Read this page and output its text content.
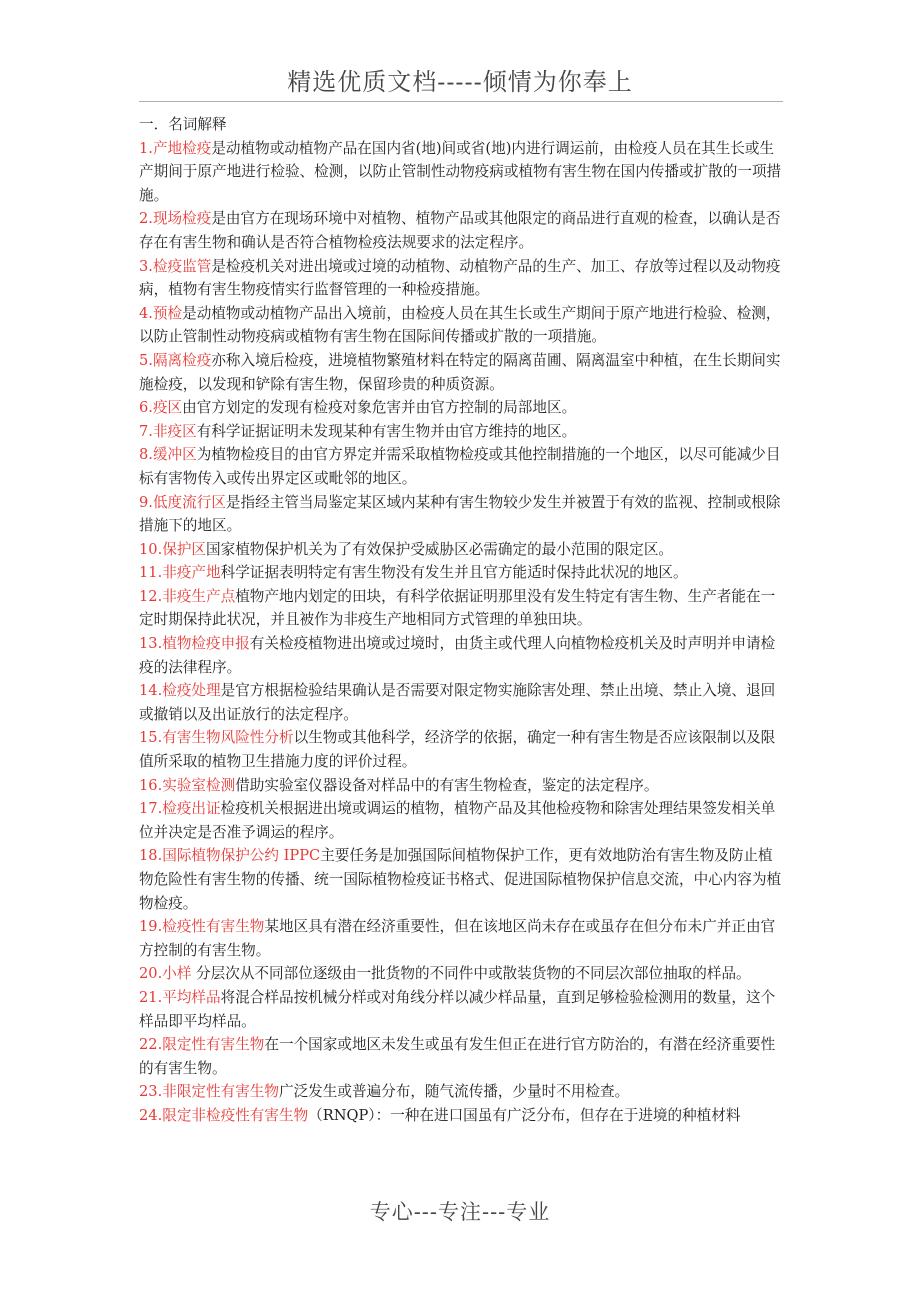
精选优质文档-----倾情为你奉上

一．名词解释

1.产地检疫是动植物或动植物产品在国内省(地)间或省(地)内进行调运前，由检疫人员在其生长或生产期间于原产地进行检验、检测，以防止管制性动物疫病或植物有害生物在国内传播或扩散的一项措施。

2.现场检疫是由官方在现场环境中对植物、植物产品或其他限定的商品进行直观的检查，以确认是否存在有害生物和确认是否符合植物检疫法规要求的法定程序。

3.检疫监管是检疫机关对进出境或过境的动植物、动植物产品的生产、加工、存放等过程以及动物疫病，植物有害生物疫情实行监督管理的一种检疫措施。

4.预检是动植物或动植物产品出入境前，由检疫人员在其生长或生产期间于原产地进行检验、检测，以防止管制性动物疫病或植物有害生物在国际间传播或扩散的一项措施。

5.隔离检疫亦称入境后检疫，进境植物繁殖材料在特定的隔离苗圃、隔离温室中种植，在生长期间实施检疫，以发现和铲除有害生物，保留珍贵的种质资源。

6.疫区由官方划定的发现有检疫对象危害并由官方控制的局部地区。

7.非疫区有科学证据证明未发现某种有害生物并由官方维持的地区。

8.缓冲区为植物检疫目的由官方界定并需采取植物检疫或其他控制措施的一个地区，以尽可能减少目标有害物传入或传出界定区或毗邻的地区。

9.低度流行区是指经主管当局鉴定某区域内某种有害生物较少发生并被置于有效的监视、控制或根除措施下的地区。

10.保护区国家植物保护机关为了有效保护受威胁区必需确定的最小范围的限定区。

11.非疫产地科学证据表明特定有害生物没有发生并且官方能适时保持此状况的地区。

12.非疫生产点植物产地内划定的田块，有科学依据证明那里没有发生特定有害生物、生产者能在一定时期保持此状况，并且被作为非疫生产地相同方式管理的单独田块。

13.植物检疫申报有关检疫植物进出境或过境时，由货主或代理人向植物检疫机关及时声明并申请检疫的法律程序。

14.检疫处理是官方根据检验结果确认是否需要对限定物实施除害处理、禁止出境、禁止入境、退回或撤销以及出证放行的法定程序。

15.有害生物风险性分析以生物或其他科学，经济学的依据，确定一种有害生物是否应该限制以及限值所采取的植物卫生措施力度的评价过程。

16.实验室检测借助实验室仪器设备对样品中的有害生物检查，鉴定的法定程序。

17.检疫出证检疫机关根据进出境或调运的植物，植物产品及其他检疫物和除害处理结果签发相关单位并决定是否准予调运的程序。

18.国际植物保护公约 IPPC主要任务是加强国际间植物保护工作，更有效地防治有害生物及防止植物危险性有害生物的传播、统一国际植物检疫证书格式、促进国际植物保护信息交流，中心内容为植物检疫。

19.检疫性有害生物某地区具有潜在经济重要性，但在该地区尚未存在或虽存在但分布未广并正由官方控制的有害生物。

20.小样 分层次从不同部位逐级由一批货物的不同件中或散装货物的不同层次部位抽取的样品。

21.平均样品将混合样品按机械分样或对角线分样以减少样品量，直到足够检验检测用的数量，这个样品即平均样品。

22.限定性有害生物在一个国家或地区未发生或虽有发生但正在进行官方防治的，有潜在经济重要性的有害生物。

23.非限定性有害生物广泛发生或普遍分布，随气流传播，少量时不用检查。

24.限定非检疫性有害生物（RNQP）：一种在进口国虽有广泛分布，但存在于进境的种植材料

专心---专注---专业
